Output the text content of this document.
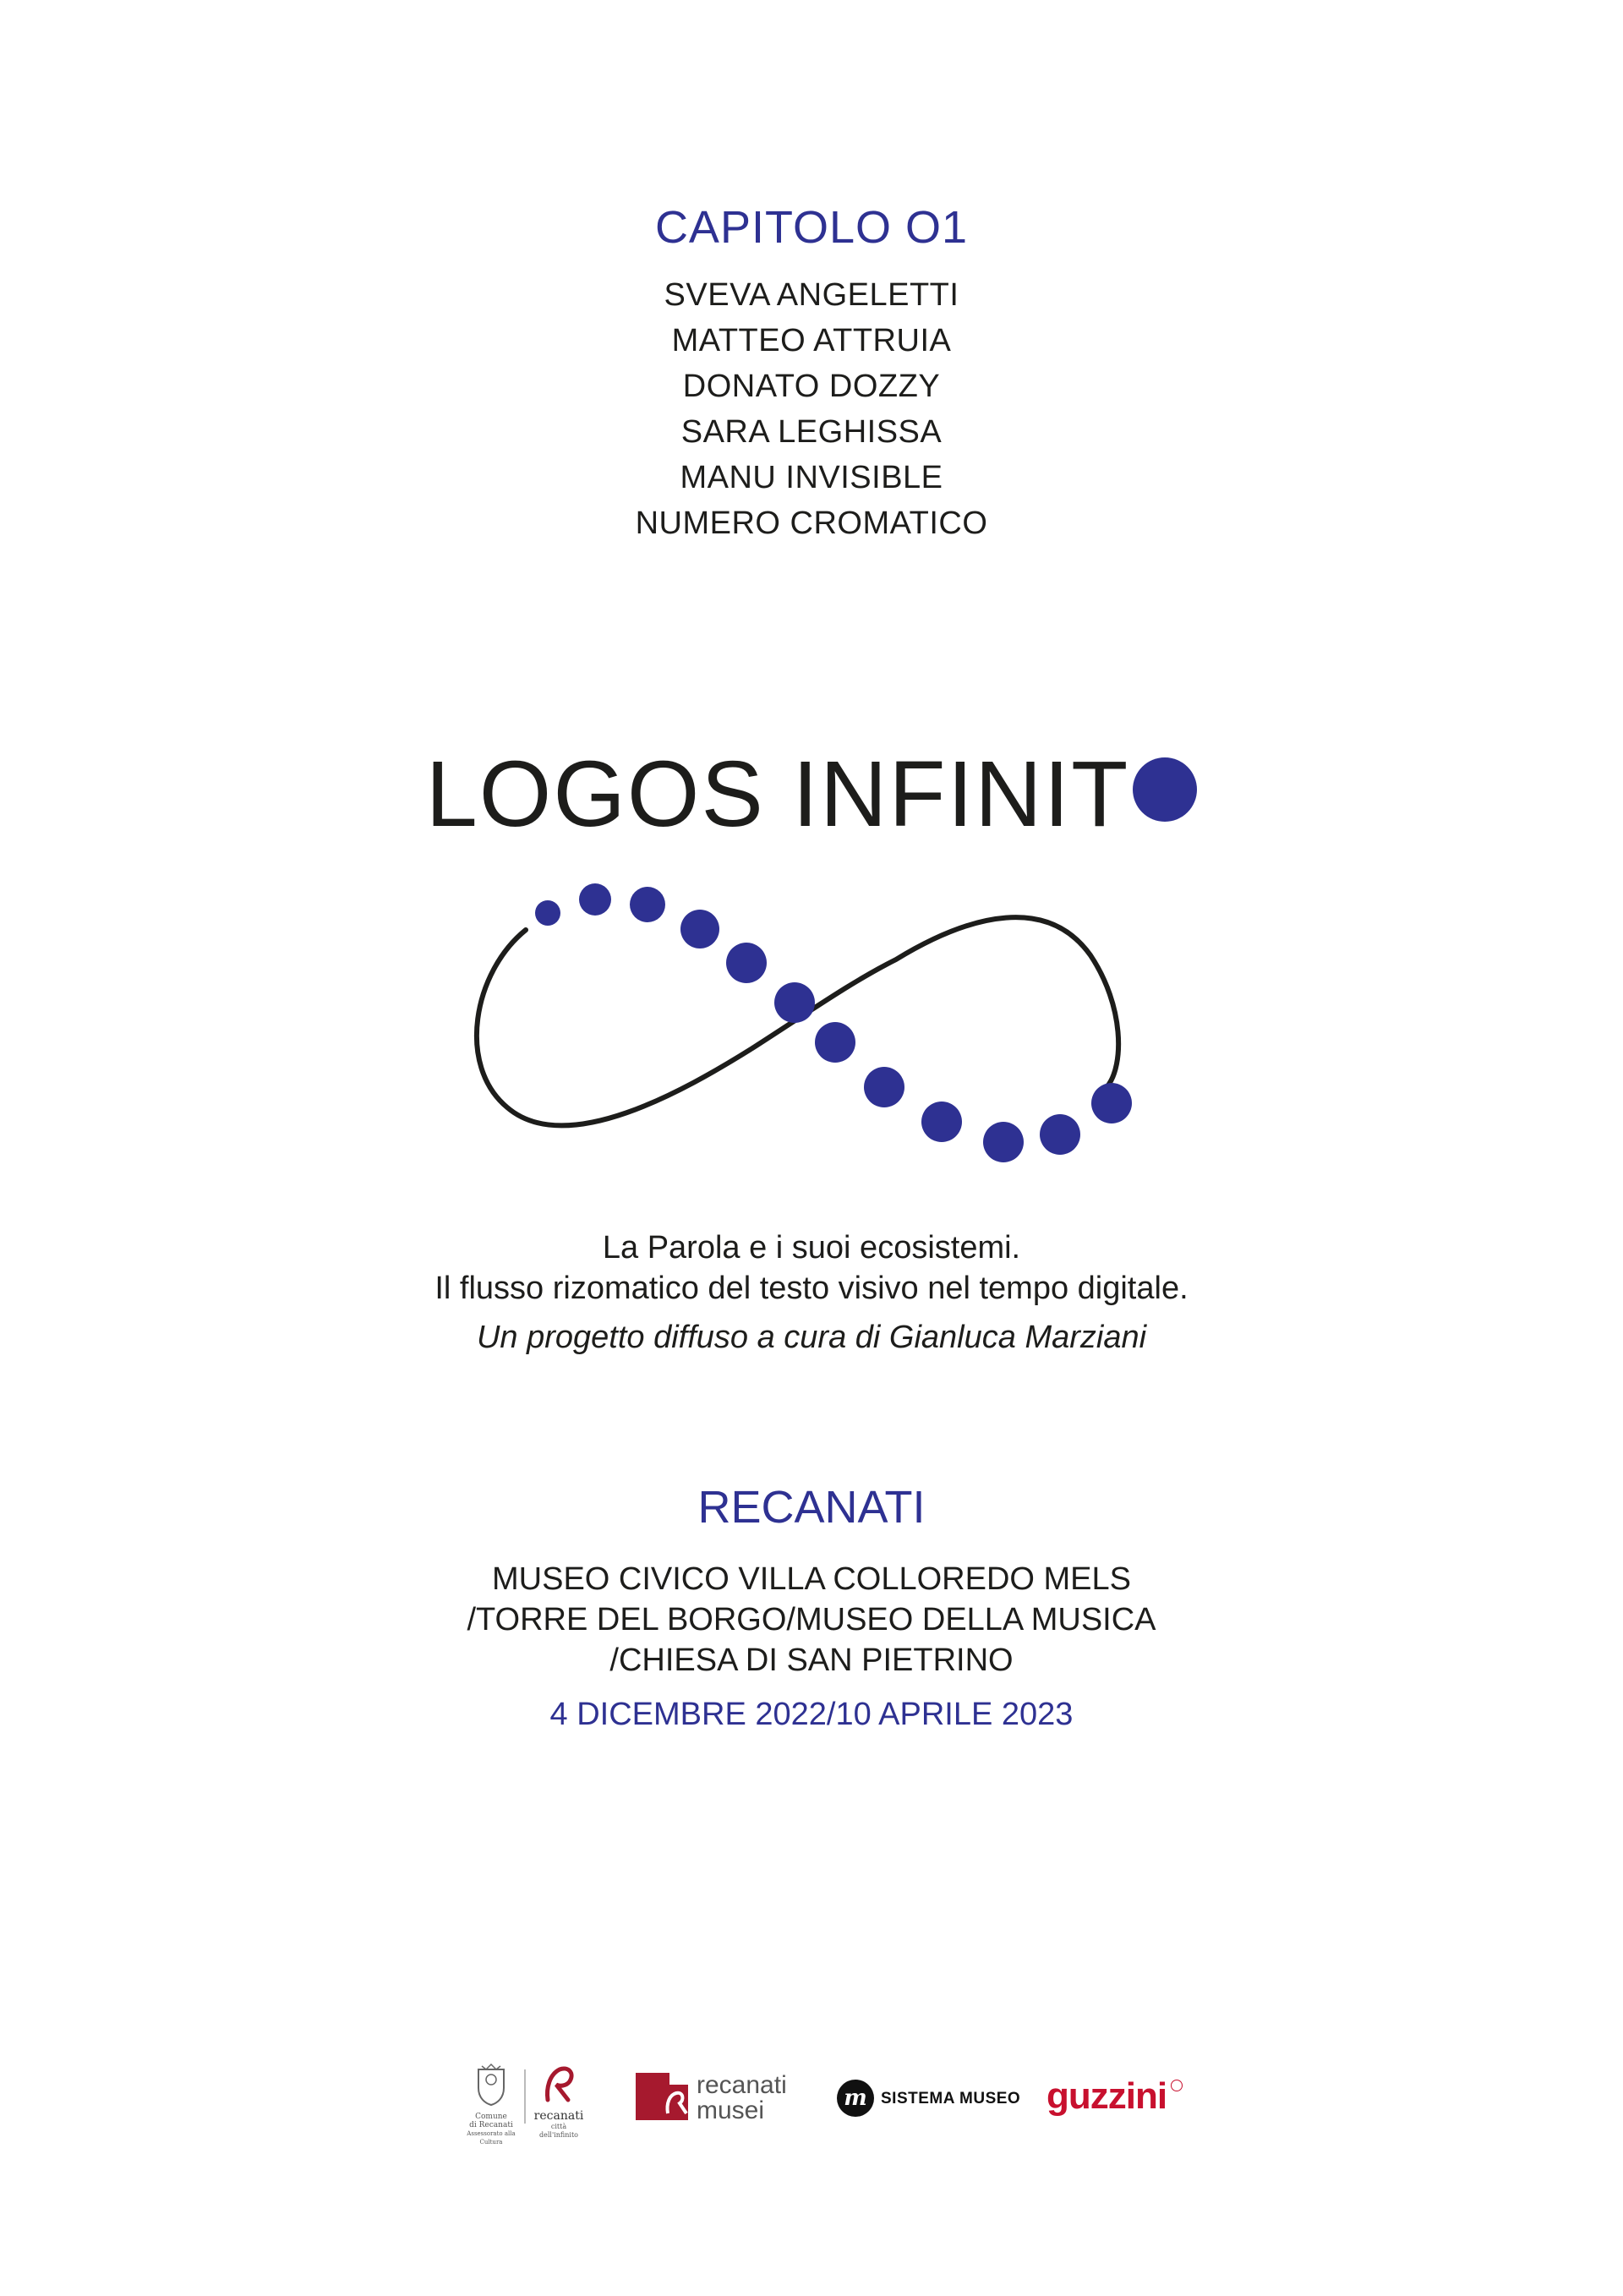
CAPITOLO O1
SVEVA ANGELETTI
MATTEO ATTRUIA
DONATO DOZZY
SARA LEGHISSA
MANU INVISIBLE
NUMERO CROMATICO
LOGOS INFINIT
La Parola e i suoi ecosistemi.
Il flusso rizomatico del testo visivo nel tempo digitale.
Un progetto diffuso a cura di Gianluca Marziani
RECANATI
MUSEO CIVICO VILLA COLLOREDO MELS
/TORRE DEL BORGO/MUSEO DELLA MUSICA
/CHIESA DI SAN PIETRINO
4 DICEMBRE 2022/10 APRILE 2023
Comune
di Recanati
Assessorato alla Cultura
recanati
città dell'infinito
recanati
musei	m SISTEMA MUSEO guzzini
